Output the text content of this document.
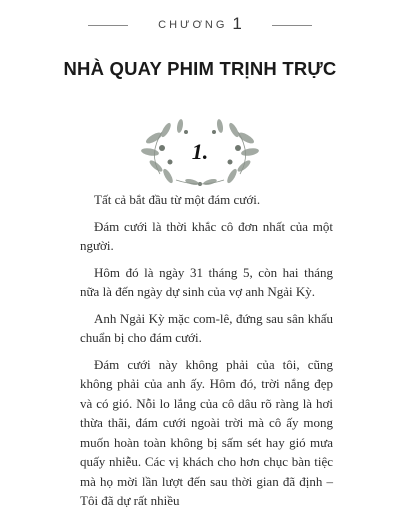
CHƯƠNG 1
NHÀ QUAY PHIM TRỊNH TRỰC
1.

Tất cả bắt đầu từ một đám cưới.

Đám cưới là thời khắc cô đơn nhất của một người.

Hôm đó là ngày 31 tháng 5, còn hai tháng nữa là đến ngày dự sinh của vợ anh Ngải Kỳ.

Anh Ngải Kỳ mặc com-lê, đứng sau sân khấu chuẩn bị cho đám cưới.

Đám cưới này không phải của tôi, cũng không phải của anh ấy. Hôm đó, trời nắng đẹp và có gió. Nỗi lo lắng của cô dâu rõ ràng là hơi thừa thãi, đám cưới ngoài trời mà cô ấy mong muốn hoàn toàn không bị sấm sét hay gió mưa quấy nhiễu. Các vị khách cho hơn chục bàn tiệc mà họ mời lần lượt đến sau thời gian đã định – Tôi đã dự rất nhiều
